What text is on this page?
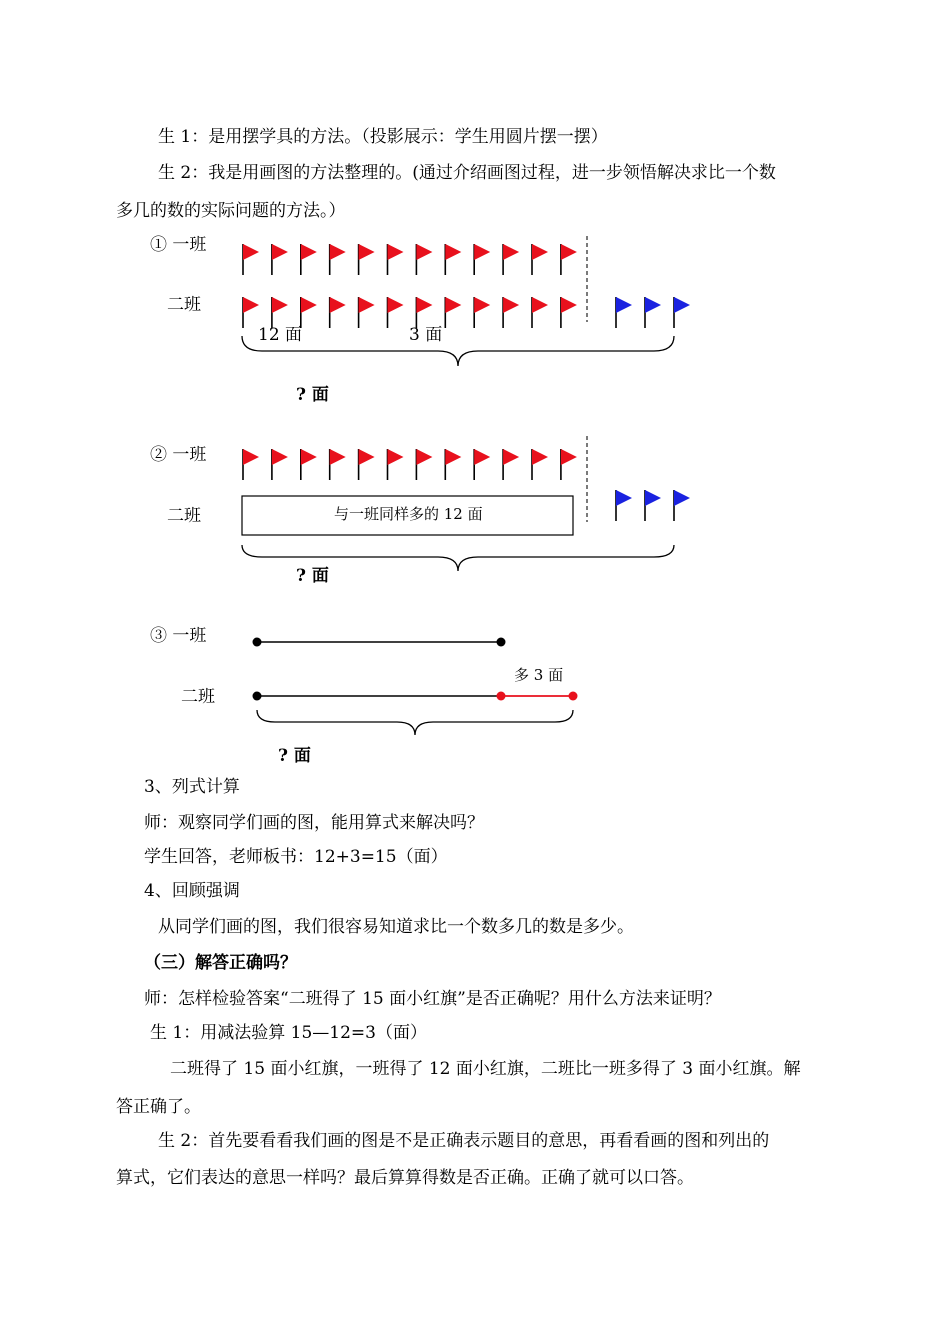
生 1：是用摆学具的方法。（投影展示：学生用圆片摆一摆）
生 2：我是用画图的方法整理的。(通过介绍画图过程，进一步领悟解决求比一个数
多几的数的实际问题的方法。）
① 一班
二班
12 面	3 面
? 面
② 一班
二班	与一班同样多的 12 面
? 面
③ 一班
二班
多 3 面
? 面
3、列式计算
师：观察同学们画的图，能用算式来解决吗？
学生回答，老师板书：12+3=15（面）
4、回顾强调
从同学们画的图，我们很容易知道求比一个数多几的数是多少。
（三）解答正确吗？
师：怎样检验答案“二班得了 15 面小红旗”是否正确呢？用什么方法来证明？
生 1：用减法验算 15—12=3（面）
二班得了 15 面小红旗，一班得了 12 面小红旗，二班比一班多得了 3 面小红旗。解
答正确了。
生 2：首先要看看我们画的图是不是正确表示题目的意思，再看看画的图和列出的
算式，它们表达的意思一样吗？最后算算得数是否正确。正确了就可以口答。
